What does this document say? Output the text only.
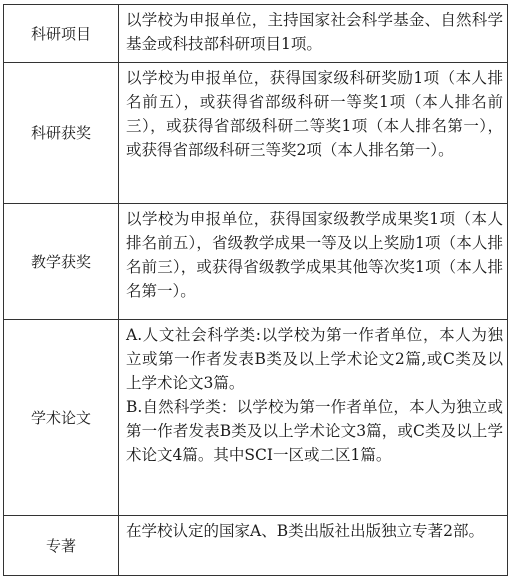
科研项目	以学校为申报单位，主持国家社会科学基金、自然科学基金或科技部科研项目1项。

科研获奖	以学校为申报单位，获得国家级科研奖励1项（本人排名前五），或获得省部级科研一等奖1项（本人排名前三），或获得省部级科研二等奖1项（本人排名第一），或获得省部级科研三等奖2项（本人排名第一）。

教学获奖	以学校为申报单位，获得国家级教学成果奖1项（本人排名前五），省级教学成果一等及以上奖励1项（本人排名前三），或获得省级教学成果其他等次奖1项（本人排名第一）。

学术论文	A.人文社会科学类:以学校为第一作者单位，本人为独立或第一作者发表B类及以上学术论文2篇,或C类及以上学术论文3篇。
B.自然科学类：以学校为第一作者单位，本人为独立或第一作者发表B类及以上学术论文3篇，或C类及以上学术论文4篇。其中SCI一区或二区1篇。

专著	在学校认定的国家A、B类出版社出版独立专著2部。
